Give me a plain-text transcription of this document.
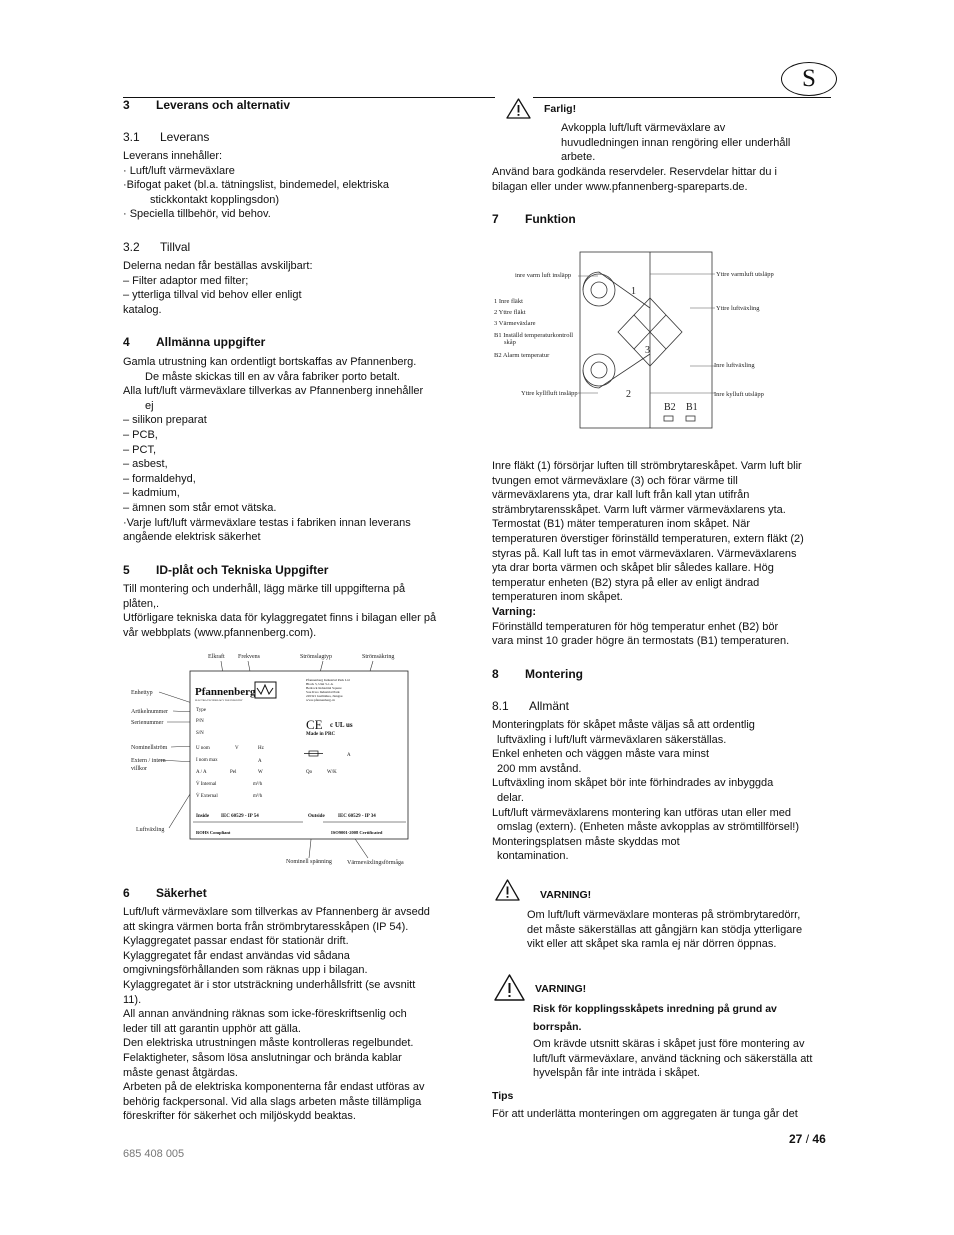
S
3 Leverans och alternativ
3.1 Leverans
Leverans innehåller:
· Luft/luft värmeväxlare
·Bifogat paket (bl.a. tätningslist, bindemedel, elektriska
stickkontakt kopplingsdon)
· Speciella tillbehör, vid behov.
3.2 Tillval
Delerna nedan får beställas avskiljbart:
– Filter adaptor med filter;
– ytterliga tillval vid behov eller enligt
katalog.
4 Allmänna uppgifter
Gamla utrustning kan ordentligt bortskaffas av Pfannenberg.
De måste skickas till en av våra fabriker porto betalt.
Alla luft/luft värmeväxlare tillverkas av Pfannenberg innehåller
ej
– silikon preparat
– PCB,
– PCT,
– asbest,
– formaldehyd,
– kadmium,
– ämnen som står emot vätska.
·Varje luft/luft värmeväxlare testas i fabriken innan leverans
angående elektrisk säkerhet
5 ID-plåt och Tekniska Uppgifter
Till montering och underhåll, lägg märke till uppgifterna på
plåten,.
Utförligare tekniska data för kylaggregatet finns i bilagan eller på
vår webbplats (www.pfannenberg.com).
Elkraft Frekvens	Strömslagtyp	Strömsäkring
Enhettyp
Artikelnummer
Serienummer
Nominellström
Extern / intern
villkor
Luftväxling
Nominell spänning	Värmeväxlingsförmåga
Pfannenberg
ELECTRO-TECHNOLOGY FOR INDUSTRY
Pfannenberg Industrial Park Ltd
Block 5, Unit 5-1-G
Bedrock Industrial Square
Sou Kwo Industrial Park
245321 Guilinhua, Jiangsu
www.pfannenberg.cn
Type
P/N
S/N
U nom	V	Hz
I nom max	A
A / A	Pel	W
V̇ Internal	m³/h
V̇ External	m³/h
Qo	W/K
Made in PRC
CE c UL us
A
Inside IEC 60529 - IP 54	Outside	IEC 60529 - IP 34
ROHS Compliant	ISO9001-2008 Certificated
6 Säkerhet
Luft/luft värmeväxlare som tillverkas av Pfannenberg är avsedd
att skingra värmen borta från strömbrytaresskåpen (IP 54).
Kylaggregatet passar endast för stationär drift.
Kylaggregatet får endast användas vid sådana
omgivningsförhållanden som räknas upp i bilagan.
Kylaggregatet är i stor utsträckning underhållsfritt (se avsnitt
11).
All annan användning räknas som icke-föreskriftsenlig och
leder till att garantin upphör att gälla.
Den elektriska utrustningen måste kontrolleras regelbundet.
Felaktigheter, såsom lösa anslutningar och brända kablar
måste genast åtgärdas.
Arbeten på de elektriska komponenterna får endast utföras av
behörig fackpersonal. Vid alla slags arbeten måste tillämpliga
föreskrifter för säkerhet och miljöskydd beaktas.
Farlig!
Avkoppla luft/luft värmeväxlare av
huvudledningen innan rengöring eller underhåll
arbete.
Använd bara godkända reservdeler. Reservdelar hittar du i
bilagan eller under www.pfannenberg-spareparts.de.
7 Funktion
inre varm luft insläpp	Yttre varmluft utsläpp
1 Inre fläkt
2 Yttre fläkt
3 Värmeväxlare
B1 Inställd temperaturkontroll
skåp
B2 Alarm temperatur
Yttre luftväxling
Inre luftväxling
Yttre kyllfluft insläpp	Inre kylluft utsläpp
1
3
2
B2 B1
Inre fläkt (1) försörjar luften till strömbrytareskåpet. Varm luft blir
tvungen emot värmeväxlare (3) och förar värme till
värmeväxlarens yta, drar kall luft från kall ytan utifrån
strämbrytarensskåpet. Varm luft värmer värmeväxlarens yta.
Termostat (B1) mäter temperaturen inom skåpet. När
temperaturen överstiger förinställd temperaturen, extern fläkt (2)
styras på. Kall luft tas in emot värmeväxlaren. Värmeväxlarens
yta drar borta värmen och skåpet blir således kallare. Hög
temperatur enheten (B2) styra på eller av enligt ändrad
temperaturen inom skåpet.
Varning:
Förinställd temperaturen för hög temperatur enhet (B2) bör
vara minst 10 grader högre än termostats (B1) temperaturen.
8 Montering
8.1 Allmänt
Monteringplats för skåpet måste väljas så att ordentlig
luftväxling i luft/luft värmeväxlaren säkerställas.
Enkel enheten och väggen måste vara minst
200 mm avstånd.
Luftväxling inom skåpet bör inte förhindrades av inbyggda
delar.
Luft/luft värmeväxlarens montering kan utföras utan eller med
omslag (extern). (Enheten måste avkopplas av strömtillförsel!)
Monteringsplatsen måste skyddas mot
kontamination.
VARNING!
Om luft/luft värmeväxlare monteras på strömbrytaredörr,
det måste säkerställas att gångjärn kan stödja ytterligare
vikt eller att skåpet ska ramla ej när dörren öppnas.
VARNING!
Risk för kopplingsskåpets inredning på grund av
borrspån.
Om krävde utsnitt skäras i skåpet just före montering av
luft/luft värmeväxlare, använd täckning och säkerställa att
hyvelspån får inte inträda i skåpet.
Tips
För att underlätta monteringen om aggregaten är tunga går det
27 / 46
685 408 005
